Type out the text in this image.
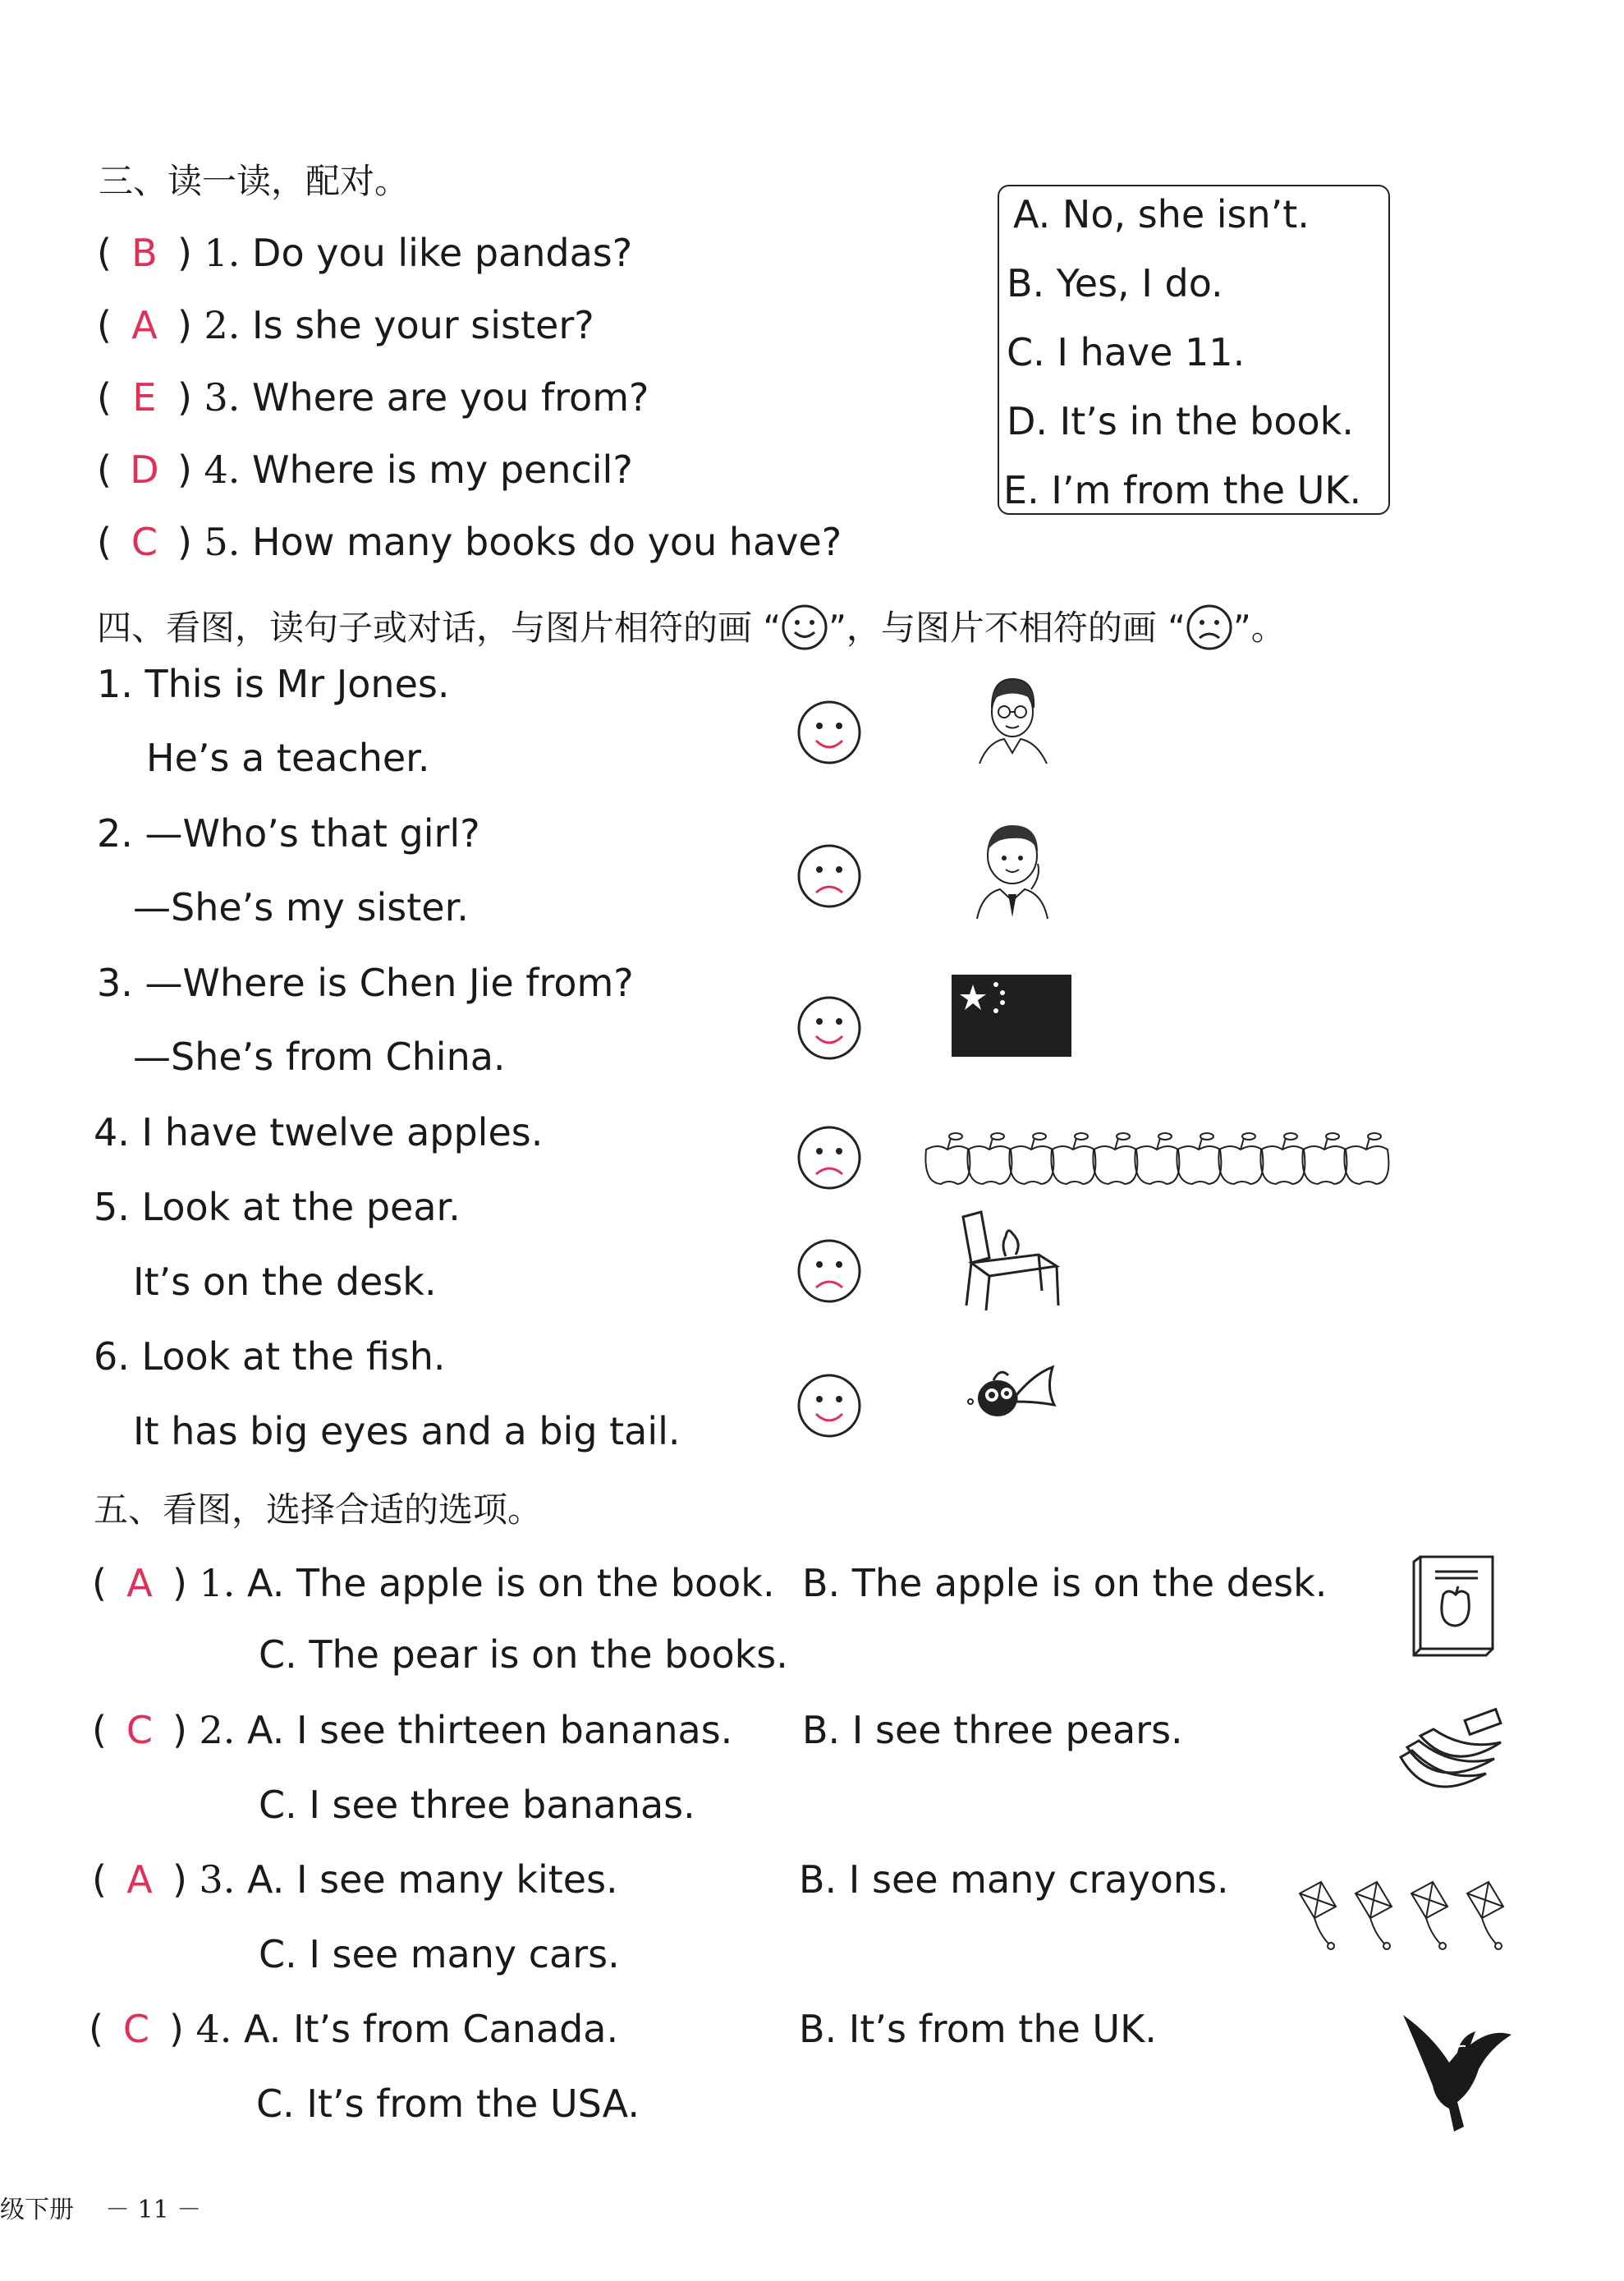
三、读一读，配对。
( B ) 1. Do you like pandas?
( A ) 2. Is she your sister?
( E ) 3. Where are you from?
( D ) 4. Where is my pencil?
( C ) 5. How many books do you have?
A. No, she isn’t.
B. Yes, I do.
C. I have 11.
D. It’s in the book.
E. I’m from the UK.
四、看图，读句子或对话，与图片相符的画 “ ”，与图片不相符的画 “ ”。
1. This is Mr Jones.
He’s a teacher.
2. —Who’s that girl?
—She’s my sister.
3. —Where is Chen Jie from?
—She’s from China.
4. I have twelve apples.
5. Look at the pear.
It’s on the desk.
6. Look at the fish.
It has big eyes and a big tail.
五、看图，选择合适的选项。
( A ) 1. A. The apple is on the book. B. The apple is on the desk.
C. The pear is on the books.
( C ) 2. A. I see thirteen bananas. B. I see three pears.
C. I see three bananas.
( A ) 3. A. I see many kites.	B. I see many crayons.
C. I see many cars.
( C ) 4. A. It’s from Canada.	B. It’s from the UK.
C. It’s from the USA.
级下册 － 11 －
